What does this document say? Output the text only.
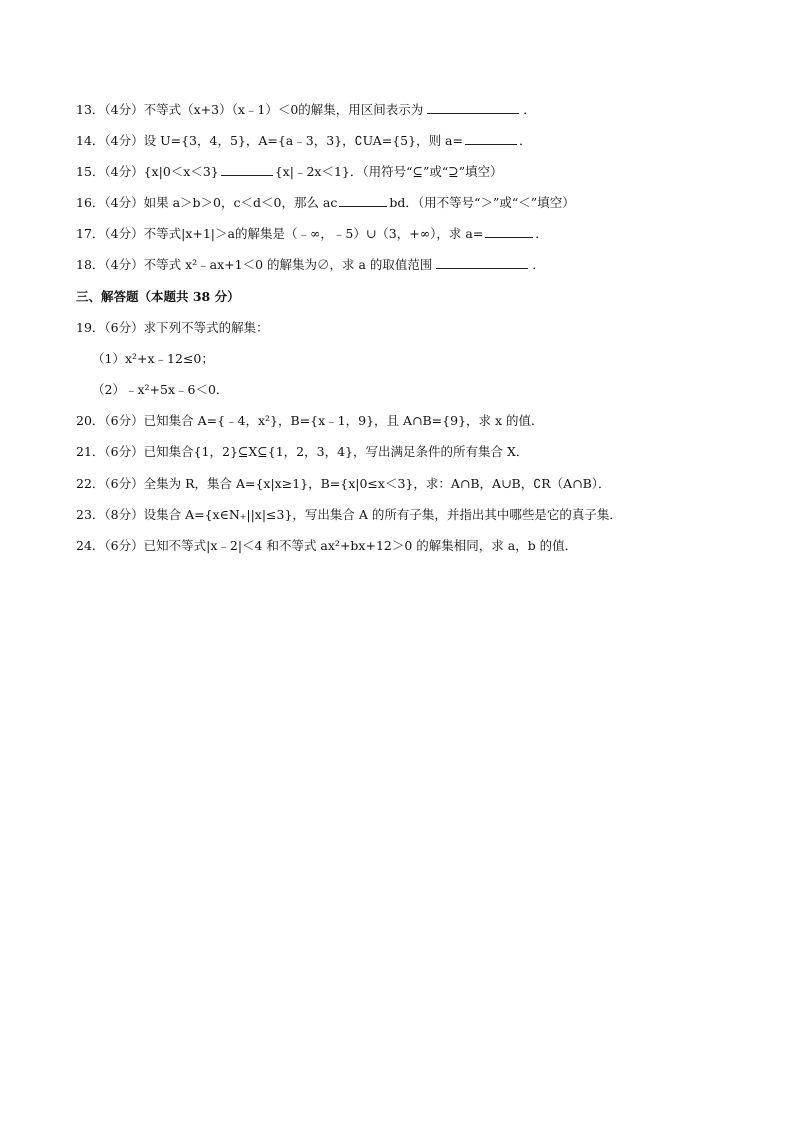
13．（4分）不等式（x+3）（x﹣1）＜0的解集，用区间表示为	．
14．（4分）设 U={3，4，5}，A={a﹣3，3}，∁UA={5}，则 a=	．
15．（4分）{x|0＜x＜3}	{x|﹣2x＜1}．（用符号“⊆”或“⊇”填空）
16．（4分）如果 a＞b＞0，c＜d＜0，那么 ac	bd．（用不等号“＞”或“＜”填空）
17．（4分）不等式|x+1|＞a的解集是（﹣∞，﹣5）∪（3，+∞），求 a=	．
18．（4分）不等式 x²﹣ax+1＜0 的解集为∅，求 a 的取值范围	．
三、解答题（本题共 38 分）
19．（6分）求下列不等式的解集：
（1）x²+x﹣12≤0；
（2）﹣x²+5x﹣6＜0．
20．（6分）已知集合 A={﹣4，x²}，B={x﹣1，9}，且 A∩B={9}，求 x 的值．
21．（6分）已知集合{1，2}⊆X⊆{1，2，3，4}，写出满足条件的所有集合 X．
22．（6分）全集为 R，集合 A={x|x≥1}，B={x|0≤x＜3}，求：A∩B，A∪B，∁R（A∩B）．
23．（8分）设集合 A={x∈N₊||x|≤3}，写出集合 A 的所有子集，并指出其中哪些是它的真子集．
24．（6分）已知不等式|x﹣2|＜4 和不等式 ax²+bx+12＞0 的解集相同，求 a，b 的值．
